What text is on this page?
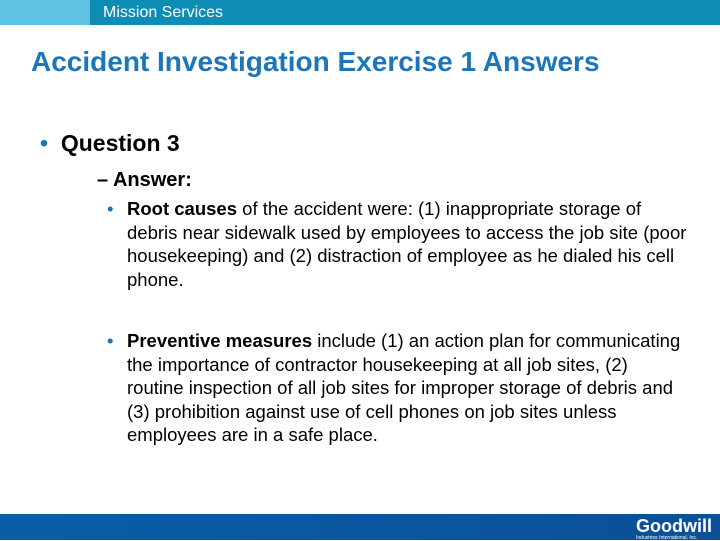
Mission Services
Accident Investigation Exercise 1 Answers
• Question 3
– Answer:
• Root causes of the accident were: (1) inappropriate storage of debris near sidewalk used by employees to access the job site (poor housekeeping) and (2) distraction of employee as he dialed his cell phone.
• Preventive measures include (1) an action plan for communicating the importance of contractor housekeeping at all job sites, (2) routine inspection of all job sites for improper storage of debris and (3) prohibition against use of cell phones on job sites unless employees are in a safe place.
Goodwill
Industries International, Inc.
